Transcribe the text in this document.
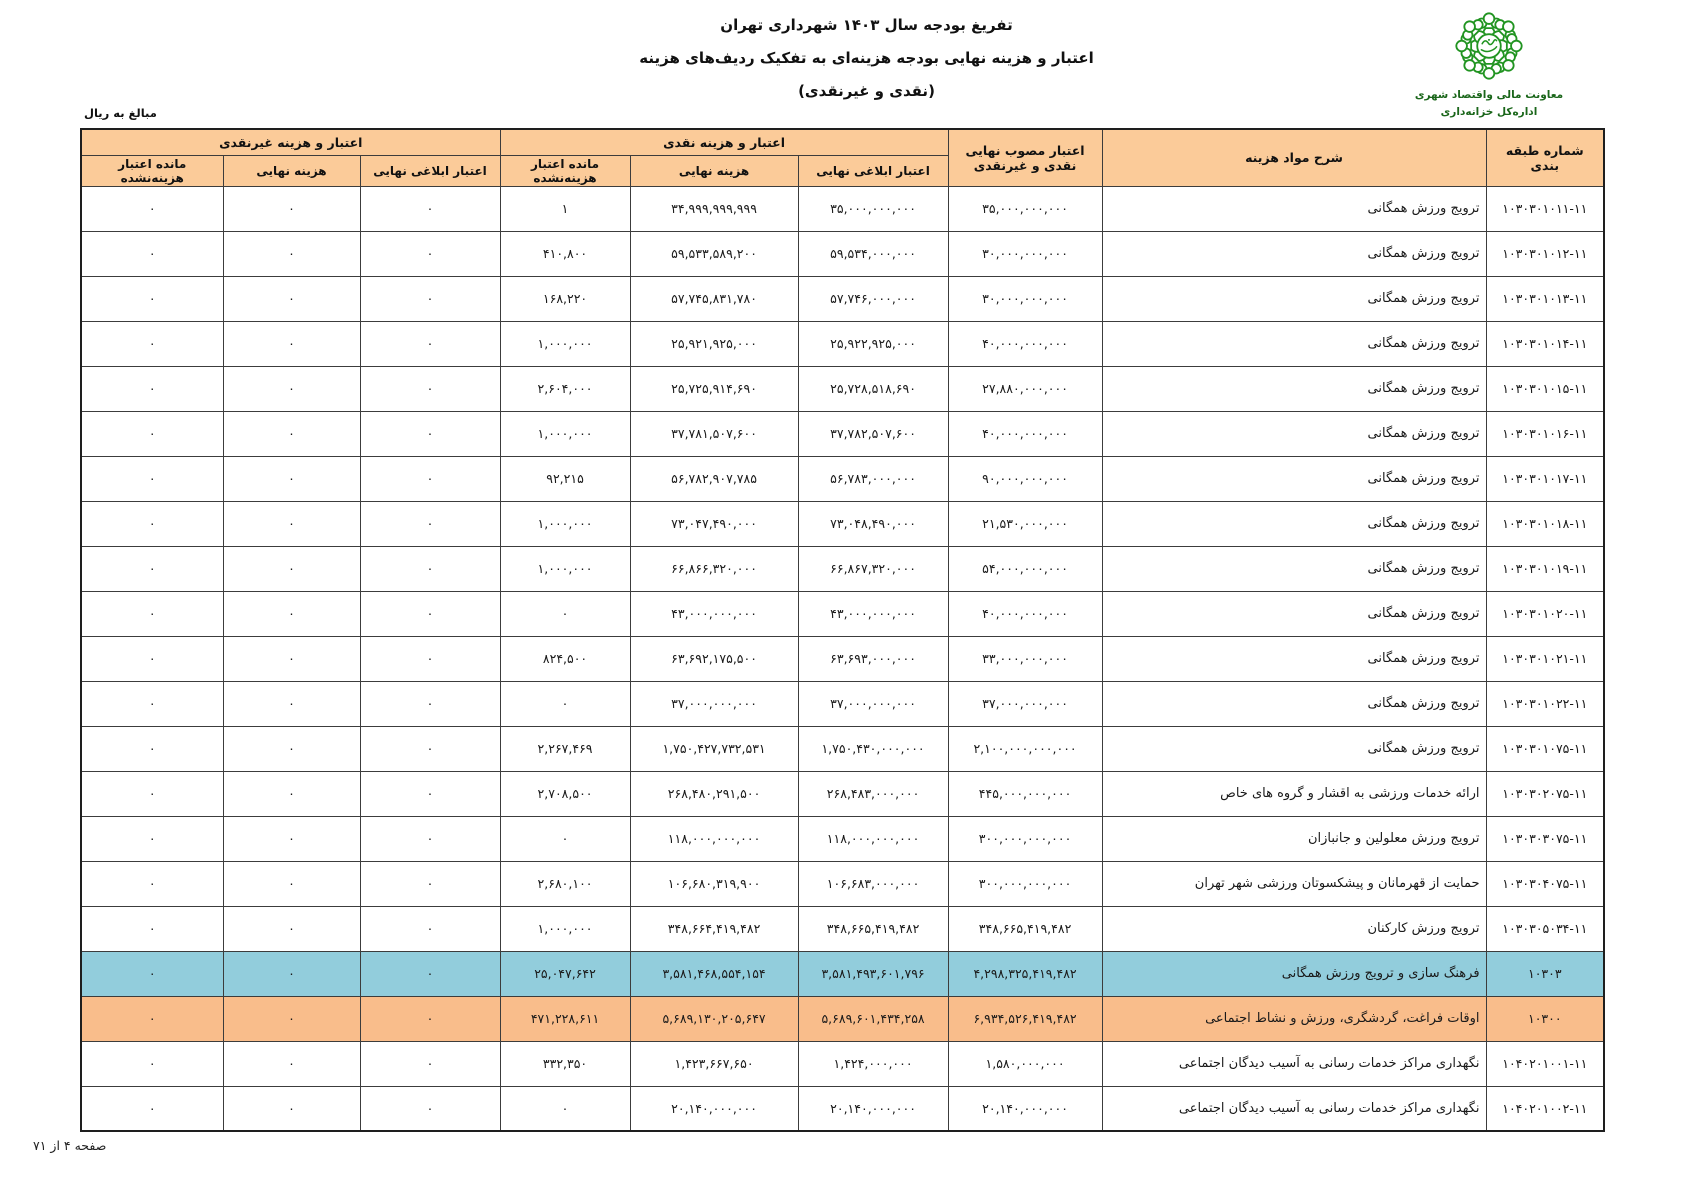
تفریغ بودجه سال ۱۴۰۳ شهرداری تهران
اعتبار و هزینه نهایی بودجه هزینه‌ای به تفکیک ردیف‌های هزینه
(نقدی و غیرنقدی)	معاونت مالی واقتصاد شهری
اداره‌کل خزانه‌داری
مبالغ به ریال
شماره طبقه بندی	شرح مواد هزینه	اعتبار مصوب نهایی نقدی و غیرنقدی	اعتبار و هزینه نقدی			اعتبار و هزینه غیرنقدی		
			اعتبار ابلاغی نهایی	هزینه نهایی	مانده اعتبار هزینه‌نشده	اعتبار ابلاغی نهایی	هزینه نهایی	مانده اعتبار هزینه‌نشده
۱۰۳۰۳۰۱۰۱۱-۱۱	ترویج ورزش همگانی	۳۵,۰۰۰,۰۰۰,۰۰۰	۳۵,۰۰۰,۰۰۰,۰۰۰	۳۴,۹۹۹,۹۹۹,۹۹۹	۱	۰	۰	۰
۱۰۳۰۳۰۱۰۱۲-۱۱	ترویج ورزش همگانی	۳۰,۰۰۰,۰۰۰,۰۰۰	۵۹,۵۳۴,۰۰۰,۰۰۰	۵۹,۵۳۳,۵۸۹,۲۰۰	۴۱۰,۸۰۰	۰	۰	۰
۱۰۳۰۳۰۱۰۱۳-۱۱	ترویج ورزش همگانی	۳۰,۰۰۰,۰۰۰,۰۰۰	۵۷,۷۴۶,۰۰۰,۰۰۰	۵۷,۷۴۵,۸۳۱,۷۸۰	۱۶۸,۲۲۰	۰	۰	۰
۱۰۳۰۳۰۱۰۱۴-۱۱	ترویج ورزش همگانی	۴۰,۰۰۰,۰۰۰,۰۰۰	۲۵,۹۲۲,۹۲۵,۰۰۰	۲۵,۹۲۱,۹۲۵,۰۰۰	۱,۰۰۰,۰۰۰	۰	۰	۰
۱۰۳۰۳۰۱۰۱۵-۱۱	ترویج ورزش همگانی	۲۷,۸۸۰,۰۰۰,۰۰۰	۲۵,۷۲۸,۵۱۸,۶۹۰	۲۵,۷۲۵,۹۱۴,۶۹۰	۲,۶۰۴,۰۰۰	۰	۰	۰
۱۰۳۰۳۰۱۰۱۶-۱۱	ترویج ورزش همگانی	۴۰,۰۰۰,۰۰۰,۰۰۰	۳۷,۷۸۲,۵۰۷,۶۰۰	۳۷,۷۸۱,۵۰۷,۶۰۰	۱,۰۰۰,۰۰۰	۰	۰	۰
۱۰۳۰۳۰۱۰۱۷-۱۱	ترویج ورزش همگانی	۹۰,۰۰۰,۰۰۰,۰۰۰	۵۶,۷۸۳,۰۰۰,۰۰۰	۵۶,۷۸۲,۹۰۷,۷۸۵	۹۲,۲۱۵	۰	۰	۰
۱۰۳۰۳۰۱۰۱۸-۱۱	ترویج ورزش همگانی	۲۱,۵۳۰,۰۰۰,۰۰۰	۷۳,۰۴۸,۴۹۰,۰۰۰	۷۳,۰۴۷,۴۹۰,۰۰۰	۱,۰۰۰,۰۰۰	۰	۰	۰
۱۰۳۰۳۰۱۰۱۹-۱۱	ترویج ورزش همگانی	۵۴,۰۰۰,۰۰۰,۰۰۰	۶۶,۸۶۷,۳۲۰,۰۰۰	۶۶,۸۶۶,۳۲۰,۰۰۰	۱,۰۰۰,۰۰۰	۰	۰	۰
۱۰۳۰۳۰۱۰۲۰-۱۱	ترویج ورزش همگانی	۴۰,۰۰۰,۰۰۰,۰۰۰	۴۳,۰۰۰,۰۰۰,۰۰۰	۴۳,۰۰۰,۰۰۰,۰۰۰	۰	۰	۰	۰
۱۰۳۰۳۰۱۰۲۱-۱۱	ترویج ورزش همگانی	۳۳,۰۰۰,۰۰۰,۰۰۰	۶۳,۶۹۳,۰۰۰,۰۰۰	۶۳,۶۹۲,۱۷۵,۵۰۰	۸۲۴,۵۰۰	۰	۰	۰
۱۰۳۰۳۰۱۰۲۲-۱۱	ترویج ورزش همگانی	۳۷,۰۰۰,۰۰۰,۰۰۰	۳۷,۰۰۰,۰۰۰,۰۰۰	۳۷,۰۰۰,۰۰۰,۰۰۰	۰	۰	۰	۰
۱۰۳۰۳۰۱۰۷۵-۱۱	ترویج ورزش همگانی	۲,۱۰۰,۰۰۰,۰۰۰,۰۰۰	۱,۷۵۰,۴۳۰,۰۰۰,۰۰۰	۱,۷۵۰,۴۲۷,۷۳۲,۵۳۱	۲,۲۶۷,۴۶۹	۰	۰	۰
۱۰۳۰۳۰۲۰۷۵-۱۱	ارائه خدمات ورزشی به اقشار و گروه های خاص	۴۴۵,۰۰۰,۰۰۰,۰۰۰	۲۶۸,۴۸۳,۰۰۰,۰۰۰	۲۶۸,۴۸۰,۲۹۱,۵۰۰	۲,۷۰۸,۵۰۰	۰	۰	۰
۱۰۳۰۳۰۳۰۷۵-۱۱	ترویج ورزش معلولین و جانبازان	۳۰۰,۰۰۰,۰۰۰,۰۰۰	۱۱۸,۰۰۰,۰۰۰,۰۰۰	۱۱۸,۰۰۰,۰۰۰,۰۰۰	۰	۰	۰	۰
۱۰۳۰۳۰۴۰۷۵-۱۱	حمایت از قهرمانان و پیشکسوتان ورزشی شهر تهران	۳۰۰,۰۰۰,۰۰۰,۰۰۰	۱۰۶,۶۸۳,۰۰۰,۰۰۰	۱۰۶,۶۸۰,۳۱۹,۹۰۰	۲,۶۸۰,۱۰۰	۰	۰	۰
۱۰۳۰۳۰۵۰۳۴-۱۱	ترویج ورزش کارکنان	۳۴۸,۶۶۵,۴۱۹,۴۸۲	۳۴۸,۶۶۵,۴۱۹,۴۸۲	۳۴۸,۶۶۴,۴۱۹,۴۸۲	۱,۰۰۰,۰۰۰	۰	۰	۰
۱۰۳۰۳	فرهنگ سازی و ترویج ورزش همگانی	۴,۲۹۸,۳۲۵,۴۱۹,۴۸۲	۳,۵۸۱,۴۹۳,۶۰۱,۷۹۶	۳,۵۸۱,۴۶۸,۵۵۴,۱۵۴	۲۵,۰۴۷,۶۴۲	۰	۰	۰
۱۰۳۰۰	اوقات فراغت، گردشگری، ورزش و نشاط اجتماعی	۶,۹۳۴,۵۲۶,۴۱۹,۴۸۲	۵,۶۸۹,۶۰۱,۴۳۴,۲۵۸	۵,۶۸۹,۱۳۰,۲۰۵,۶۴۷	۴۷۱,۲۲۸,۶۱۱	۰	۰	۰
۱۰۴۰۲۰۱۰۰۱-۱۱	نگهداری مراکز خدمات رسانی به آسیب دیدگان اجتماعی	۱,۵۸۰,۰۰۰,۰۰۰	۱,۴۲۴,۰۰۰,۰۰۰	۱,۴۲۳,۶۶۷,۶۵۰	۳۳۲,۳۵۰	۰	۰	۰
۱۰۴۰۲۰۱۰۰۲-۱۱	نگهداری مراکز خدمات رسانی به آسیب دیدگان اجتماعی	۲۰,۱۴۰,۰۰۰,۰۰۰	۲۰,۱۴۰,۰۰۰,۰۰۰	۲۰,۱۴۰,۰۰۰,۰۰۰	۰	۰	۰	۰
صفحه ۴ از ۷۱
